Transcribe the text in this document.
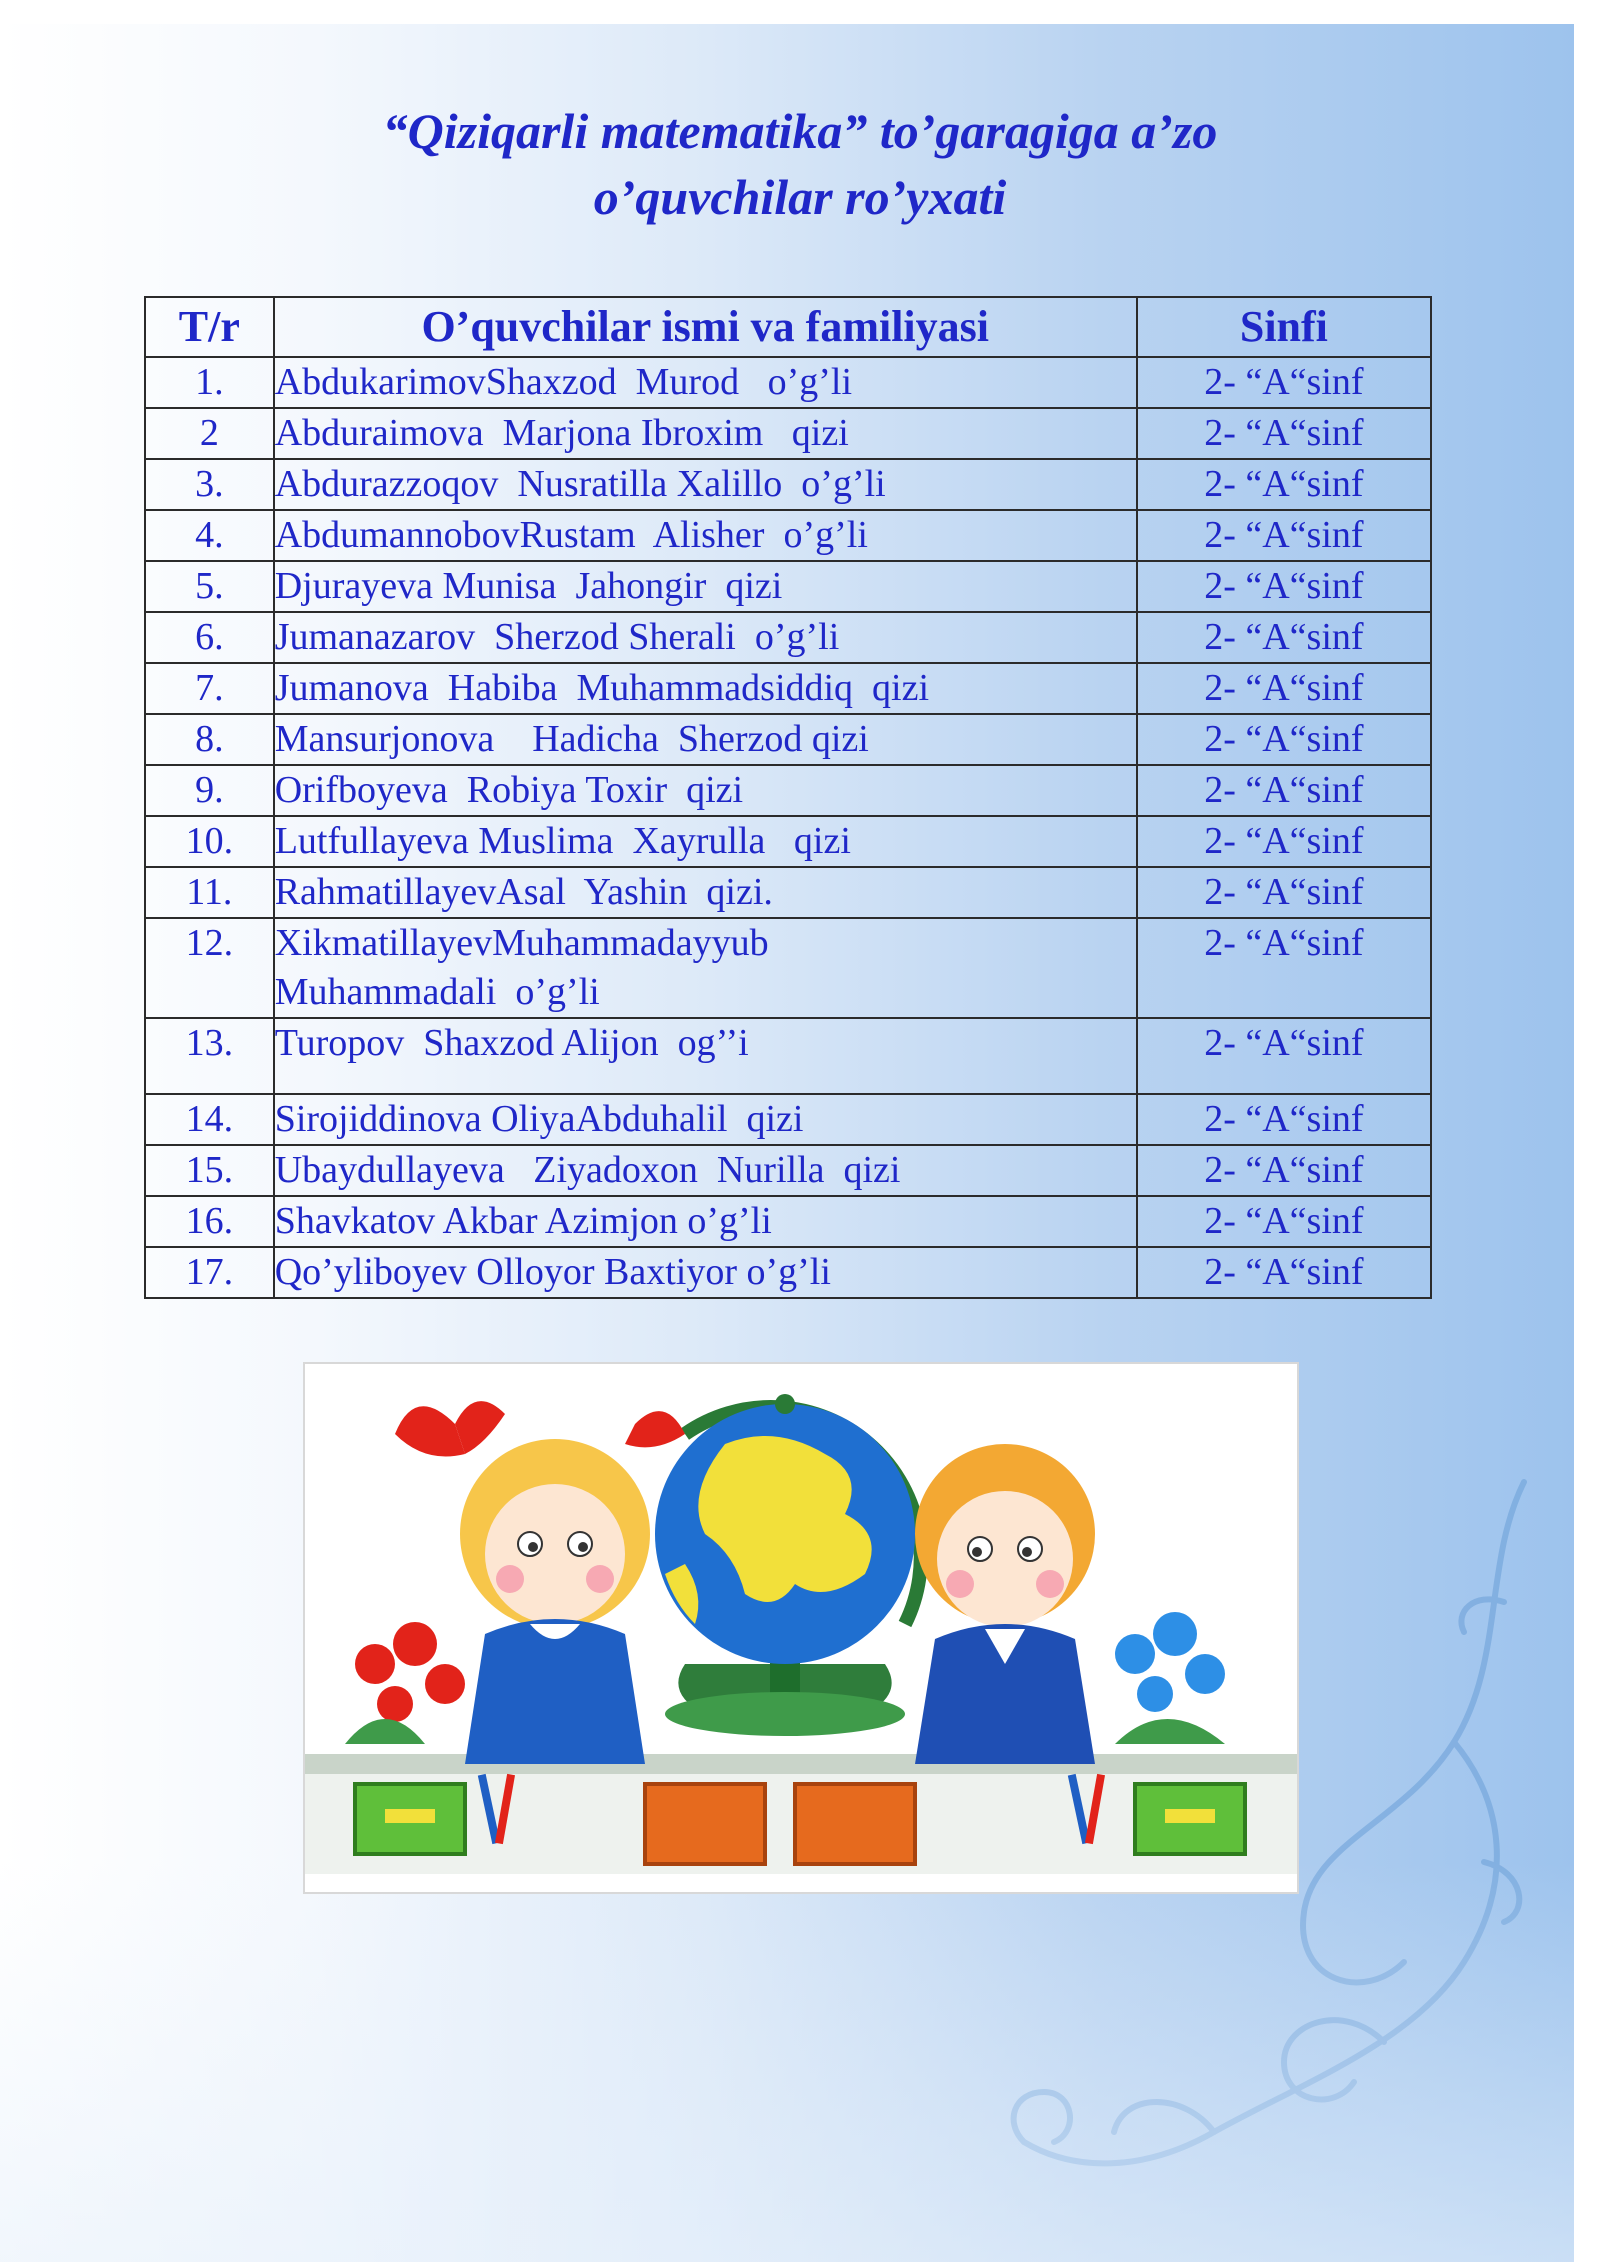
“Qiziqarli matematika” to’garagiga a’zo
o’quvchilar ro’yxati
T/r	O’quvchilar ismi va familiyasi	Sinfi
1.	AbdukarimovShaxzod  Murod   o’g’li	2- “A“sinf
2	Abduraimova  Marjona Ibroxim   qizi	2- “A“sinf
3.	Abdurazzoqov  Nusratilla Xalillo  o’g’li	2- “A“sinf
4.	AbdumannobovRustam  Alisher  o’g’li	2- “A“sinf
5.	Djurayeva Munisa  Jahongir  qizi	2- “A“sinf
6.	Jumanazarov  Sherzod Sherali  o’g’li	2- “A“sinf
7.	Jumanova  Habiba  Muhammadsiddiq  qizi	2- “A“sinf
8.	Mansurjonova    Hadicha  Sherzod qizi	2- “A“sinf
9.	Orifboyeva  Robiya Toxir  qizi	2- “A“sinf
10.	Lutfullayeva Muslima  Xayrulla   qizi	2- “A“sinf
11.	RahmatillayevAsal  Yashin  qizi.	2- “A“sinf
12.	XikmatillayevMuhammadayyub
Muhammadali  o’g’li	2- “A“sinf
13.	Turopov  Shaxzod Alijon  og’’i	2- “A“sinf
14.	Sirojiddinova OliyaAbduhalil  qizi	2- “A“sinf
15.	Ubaydullayeva   Ziyadoxon  Nurilla  qizi	2- “A“sinf
16.	Shavkatov Akbar Azimjon o’g’li	2- “A“sinf
17.	Qo’yliboyev Olloyor Baxtiyor o’g’li	2- “A“sinf
